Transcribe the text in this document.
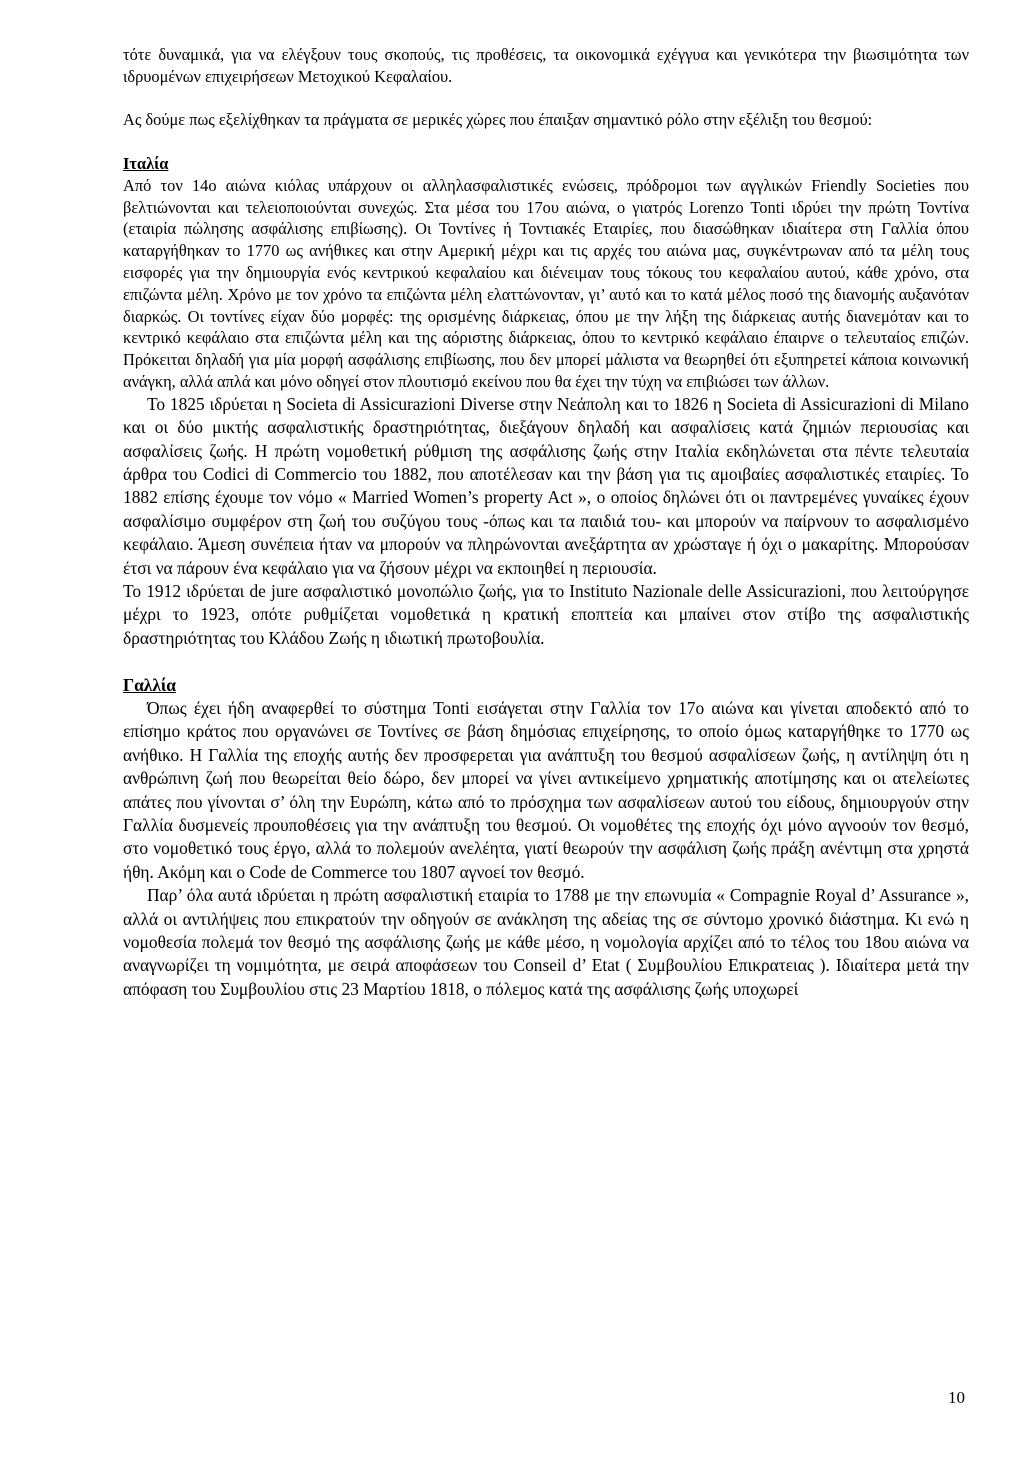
τότε δυναμικά, για να ελέγξουν τους σκοπούς, τις προθέσεις, τα οικονομικά εχέγγυα και γενικότερα την βιωσιμότητα των ιδρυομένων επιχειρήσεων Μετοχικού Κεφαλαίου.

Ας δούμε πως εξελίχθηκαν τα πράγματα σε μερικές χώρες που έπαιξαν σημαντικό ρόλο στην εξέλιξη του θεσμού:

Ιταλία

Από τον 14ο αιώνα κιόλας υπάρχουν οι αλληλασφαλιστικές ενώσεις, πρόδρομοι των αγγλικών Friendly Societies που βελτιώνονται και τελειοποιούνται συνεχώς. Στα μέσα του 17ου αιώνα, ο γιατρός Lorenzo Tonti ιδρύει την πρώτη Τοντίνα (εταιρία πώλησης ασφάλισης επιβίωσης). Οι Τοντίνες ή Τοντιακές Εταιρίες, που διασώθηκαν ιδιαίτερα στη Γαλλία όπου καταργήθηκαν το 1770 ως ανήθικες και στην Αμερική μέχρι και τις αρχές του αιώνα μας, συγκέντρωναν από τα μέλη τους εισφορές για την δημιουργία ενός κεντρικού κεφαλαίου και διένειμαν τους τόκους του κεφαλαίου αυτού, κάθε χρόνο, στα επιζώντα μέλη. Χρόνο με τον χρόνο τα επιζώντα μέλη ελαττώνονταν, γι’ αυτό και το κατά μέλος ποσό της διανομής αυξανόταν διαρκώς. Οι τοντίνες είχαν δύο μορφές: της ορισμένης διάρκειας, όπου με την λήξη της διάρκειας αυτής διανεμόταν και το κεντρικό κεφάλαιο στα επιζώντα μέλη και της αόριστης διάρκειας, όπου το κεντρικό κεφάλαιο έπαιρνε ο τελευταίος επιζών. Πρόκειται δηλαδή για μία μορφή ασφάλισης επιβίωσης, που δεν μπορεί μάλιστα να θεωρηθεί ότι εξυπηρετεί κάποια κοινωνική ανάγκη, αλλά απλά και μόνο οδηγεί στον πλουτισμό εκείνου που θα έχει την τύχη να επιβιώσει των άλλων.

Το 1825 ιδρύεται η Societa di Assicurazioni Diverse στην Νεάπολη και το 1826 η Societa di Assicurazioni di Milano και οι δύο μικτής ασφαλιστικής δραστηριότητας, διεξάγουν δηλαδή και ασφαλίσεις κατά ζημιών περιουσίας και ασφαλίσεις ζωής. Η πρώτη νομοθετική ρύθμιση της ασφάλισης ζωής στην Ιταλία εκδηλώνεται στα πέντε τελευταία άρθρα του Codici di Commercio του 1882, που αποτέλεσαν και την βάση για τις αμοιβαίες ασφαλιστικές εταιρίες. Το 1882 επίσης έχουμε τον νόμο « Married Women’s property Act », ο οποίος δηλώνει ότι οι παντρεμένες γυναίκες έχουν ασφαλίσιμο συμφέρον στη ζωή του συζύγου τους -όπως και τα παιδιά του- και μπορούν να παίρνουν το ασφαλισμένο κεφάλαιο. Άμεση συνέπεια ήταν να μπορούν να πληρώνονται ανεξάρτητα αν χρώσταγε ή όχι ο μακαρίτης. Μπορούσαν έτσι να πάρουν ένα κεφάλαιο για να ζήσουν μέχρι να εκποιηθεί η περιουσία.

Το 1912 ιδρύεται de jure ασφαλιστικό μονοπώλιο ζωής, για το Instituto Nazionale delle Assicurazioni, που λειτούργησε μέχρι το 1923, οπότε ρυθμίζεται νομοθετικά η κρατική εποπτεία και μπαίνει στον στίβο της ασφαλιστικής δραστηριότητας του Κλάδου Ζωής η ιδιωτική πρωτοβουλία.

Γαλλία

Όπως έχει ήδη αναφερθεί το σύστημα Tonti εισάγεται στην Γαλλία τον 17ο αιώνα και γίνεται αποδεκτό από το επίσημο κράτος που οργανώνει σε Τοντίνες σε βάση δημόσιας επιχείρησης, το οποίο όμως καταργήθηκε το 1770 ως ανήθικο. Η Γαλλία της εποχής αυτής δεν προσφερεται για ανάπτυξη του θεσμού ασφαλίσεων ζωής, η αντίληψη ότι η ανθρώπινη ζωή που θεωρείται θείο δώρο, δεν μπορεί να γίνει αντικείμενο χρηματικής αποτίμησης και οι ατελείωτες απάτες που γίνονται σ’ όλη την Ευρώπη, κάτω από το πρόσχημα των ασφαλίσεων αυτού του είδους, δημιουργούν στην Γαλλία δυσμενείς προυποθέσεις για την ανάπτυξη του θεσμού. Οι νομοθέτες της εποχής όχι μόνο αγνοούν τον θεσμό, στο νομοθετικό τους έργο, αλλά το πολεμούν ανελέητα, γιατί θεωρούν την ασφάλιση ζωής πράξη ανέντιμη στα χρηστά ήθη. Ακόμη και ο Code de Commerce του 1807 αγνοεί τον θεσμό.

Παρ’ όλα αυτά ιδρύεται η πρώτη ασφαλιστική εταιρία το 1788 με την επωνυμία « Compagnie Royal d’ Assurance », αλλά οι αντιλήψεις που επικρατούν την οδηγούν σε ανάκληση της αδείας της σε σύντομο χρονικό διάστημα. Κι ενώ η νομοθεσία πολεμά τον θεσμό της ασφάλισης ζωής με κάθε μέσο, η νομολογία αρχίζει από το τέλος του 18ου αιώνα να αναγνωρίζει τη νομιμότητα, με σειρά αποφάσεων του Conseil d’ Etat ( Συμβουλίου Επικρατειας ). Ιδιαίτερα μετά την απόφαση του Συμβουλίου στις 23 Μαρτίου 1818, ο πόλεμος κατά της ασφάλισης ζωής υποχωρεί

10
